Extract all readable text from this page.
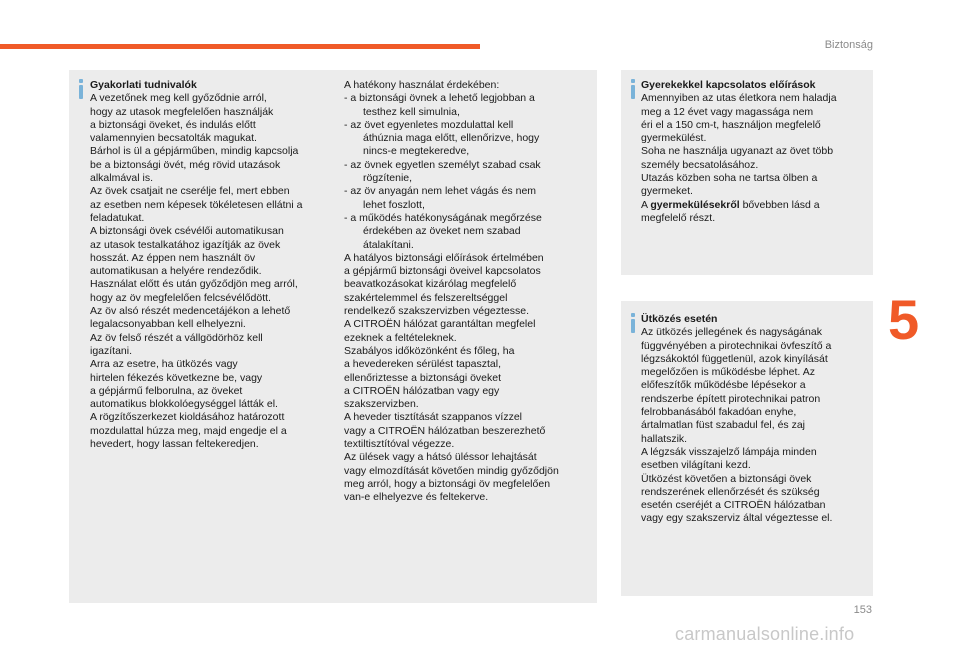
Biztonság
Gyakorlati tudnivalók
A vezetőnek meg kell győződnie arról,
hogy az utasok megfelelően használják
a biztonsági öveket, és indulás előtt
valamennyien becsatolták magukat.
Bárhol is ül a gépjárműben, mindig kapcsolja
be a biztonsági övét, még rövid utazások
alkalmával is.
Az övek csatjait ne cserélje fel, mert ebben
az esetben nem képesek tökéletesen ellátni a
feladatukat.
A biztonsági övek csévélői automatikusan
az utasok testalkatához igazítják az övek
hosszát. Az éppen nem használt öv
automatikusan a helyére rendeződik.
Használat előtt és után győződjön meg arról,
hogy az öv megfelelően felcsévélődött.
Az öv alsó részét medencetájékon a lehető
legalacsonyabban kell elhelyezni.
Az öv felső részét a vállgödörhöz kell
igazítani.
Arra az esetre, ha ütközés vagy
hirtelen fékezés következne be, vagy
a gépjármű felborulna, az öveket
automatikus blokkolóegységgel látták el.
A rögzítőszerkezet kioldásához határozott
mozdulattal húzza meg, majd engedje el a
hevedert, hogy lassan feltekeredjen.
A hatékony használat érdekében:
- a biztonsági övnek a lehető legjobban a
testhez kell simulnia,
- az övet egyenletes mozdulattal kell
áthúznia maga előtt, ellenőrizve, hogy
nincs-e megtekeredve,
- az övnek egyetlen személyt szabad csak
rögzítenie,
- az öv anyagán nem lehet vágás és nem
lehet foszlott,
- a működés hatékonyságának megőrzése
érdekében az öveket nem szabad
átalakítani.
A hatályos biztonsági előírások értelmében
a gépjármű biztonsági öveivel kapcsolatos
beavatkozásokat kizárólag megfelelő
szakértelemmel és felszereltséggel
rendelkező szakszervizben végeztesse.
A CITROËN hálózat garantáltan megfelel
ezeknek a feltételeknek.
Szabályos időközönként és főleg, ha
a hevedereken sérülést tapasztal,
ellenőriztesse a biztonsági öveket
a CITROËN hálózatban vagy egy
szakszervizben.
A heveder tisztítását szappanos vízzel
vagy a CITROËN hálózatban beszerezhető
textiltisztítóval végezze.
Az ülések vagy a hátsó üléssor lehajtását
vagy elmozdítását követően mindig győződjön
meg arról, hogy a biztonsági öv megfelelően
van-e elhelyezve és feltekerve.
Gyerekekkel kapcsolatos előírások
Amennyiben az utas életkora nem haladja
meg a 12 évet vagy magassága nem
éri el a 150 cm-t, használjon megfelelő
gyermekülést.
Soha ne használja ugyanazt az övet több
személy becsatolásához.
Utazás közben soha ne tartsa ölben a
gyermeket.
A gyermekülésekről bővebben lásd a
megfelelő részt.
Ütközés esetén
Az ütközés jellegének és nagyságának
függvényében a pirotechnikai övfeszítő a
légzsákoktól függetlenül, azok kinyílását
megelőzően is működésbe léphet. Az
előfeszítők működésbe lépésekor a
rendszerbe épített pirotechnikai patron
felrobbanásából fakadóan enyhe,
ártalmatlan füst szabadul fel, és zaj
hallatszik.
A légzsák visszajelző lámpája minden
esetben világítani kezd.
Ütközést követően a biztonsági övek
rendszerének ellenőrzését és szükség
esetén cseréjét a CITROËN hálózatban
vagy egy szakszerviz által végeztesse el.
5
153
carmanualsonline.info
